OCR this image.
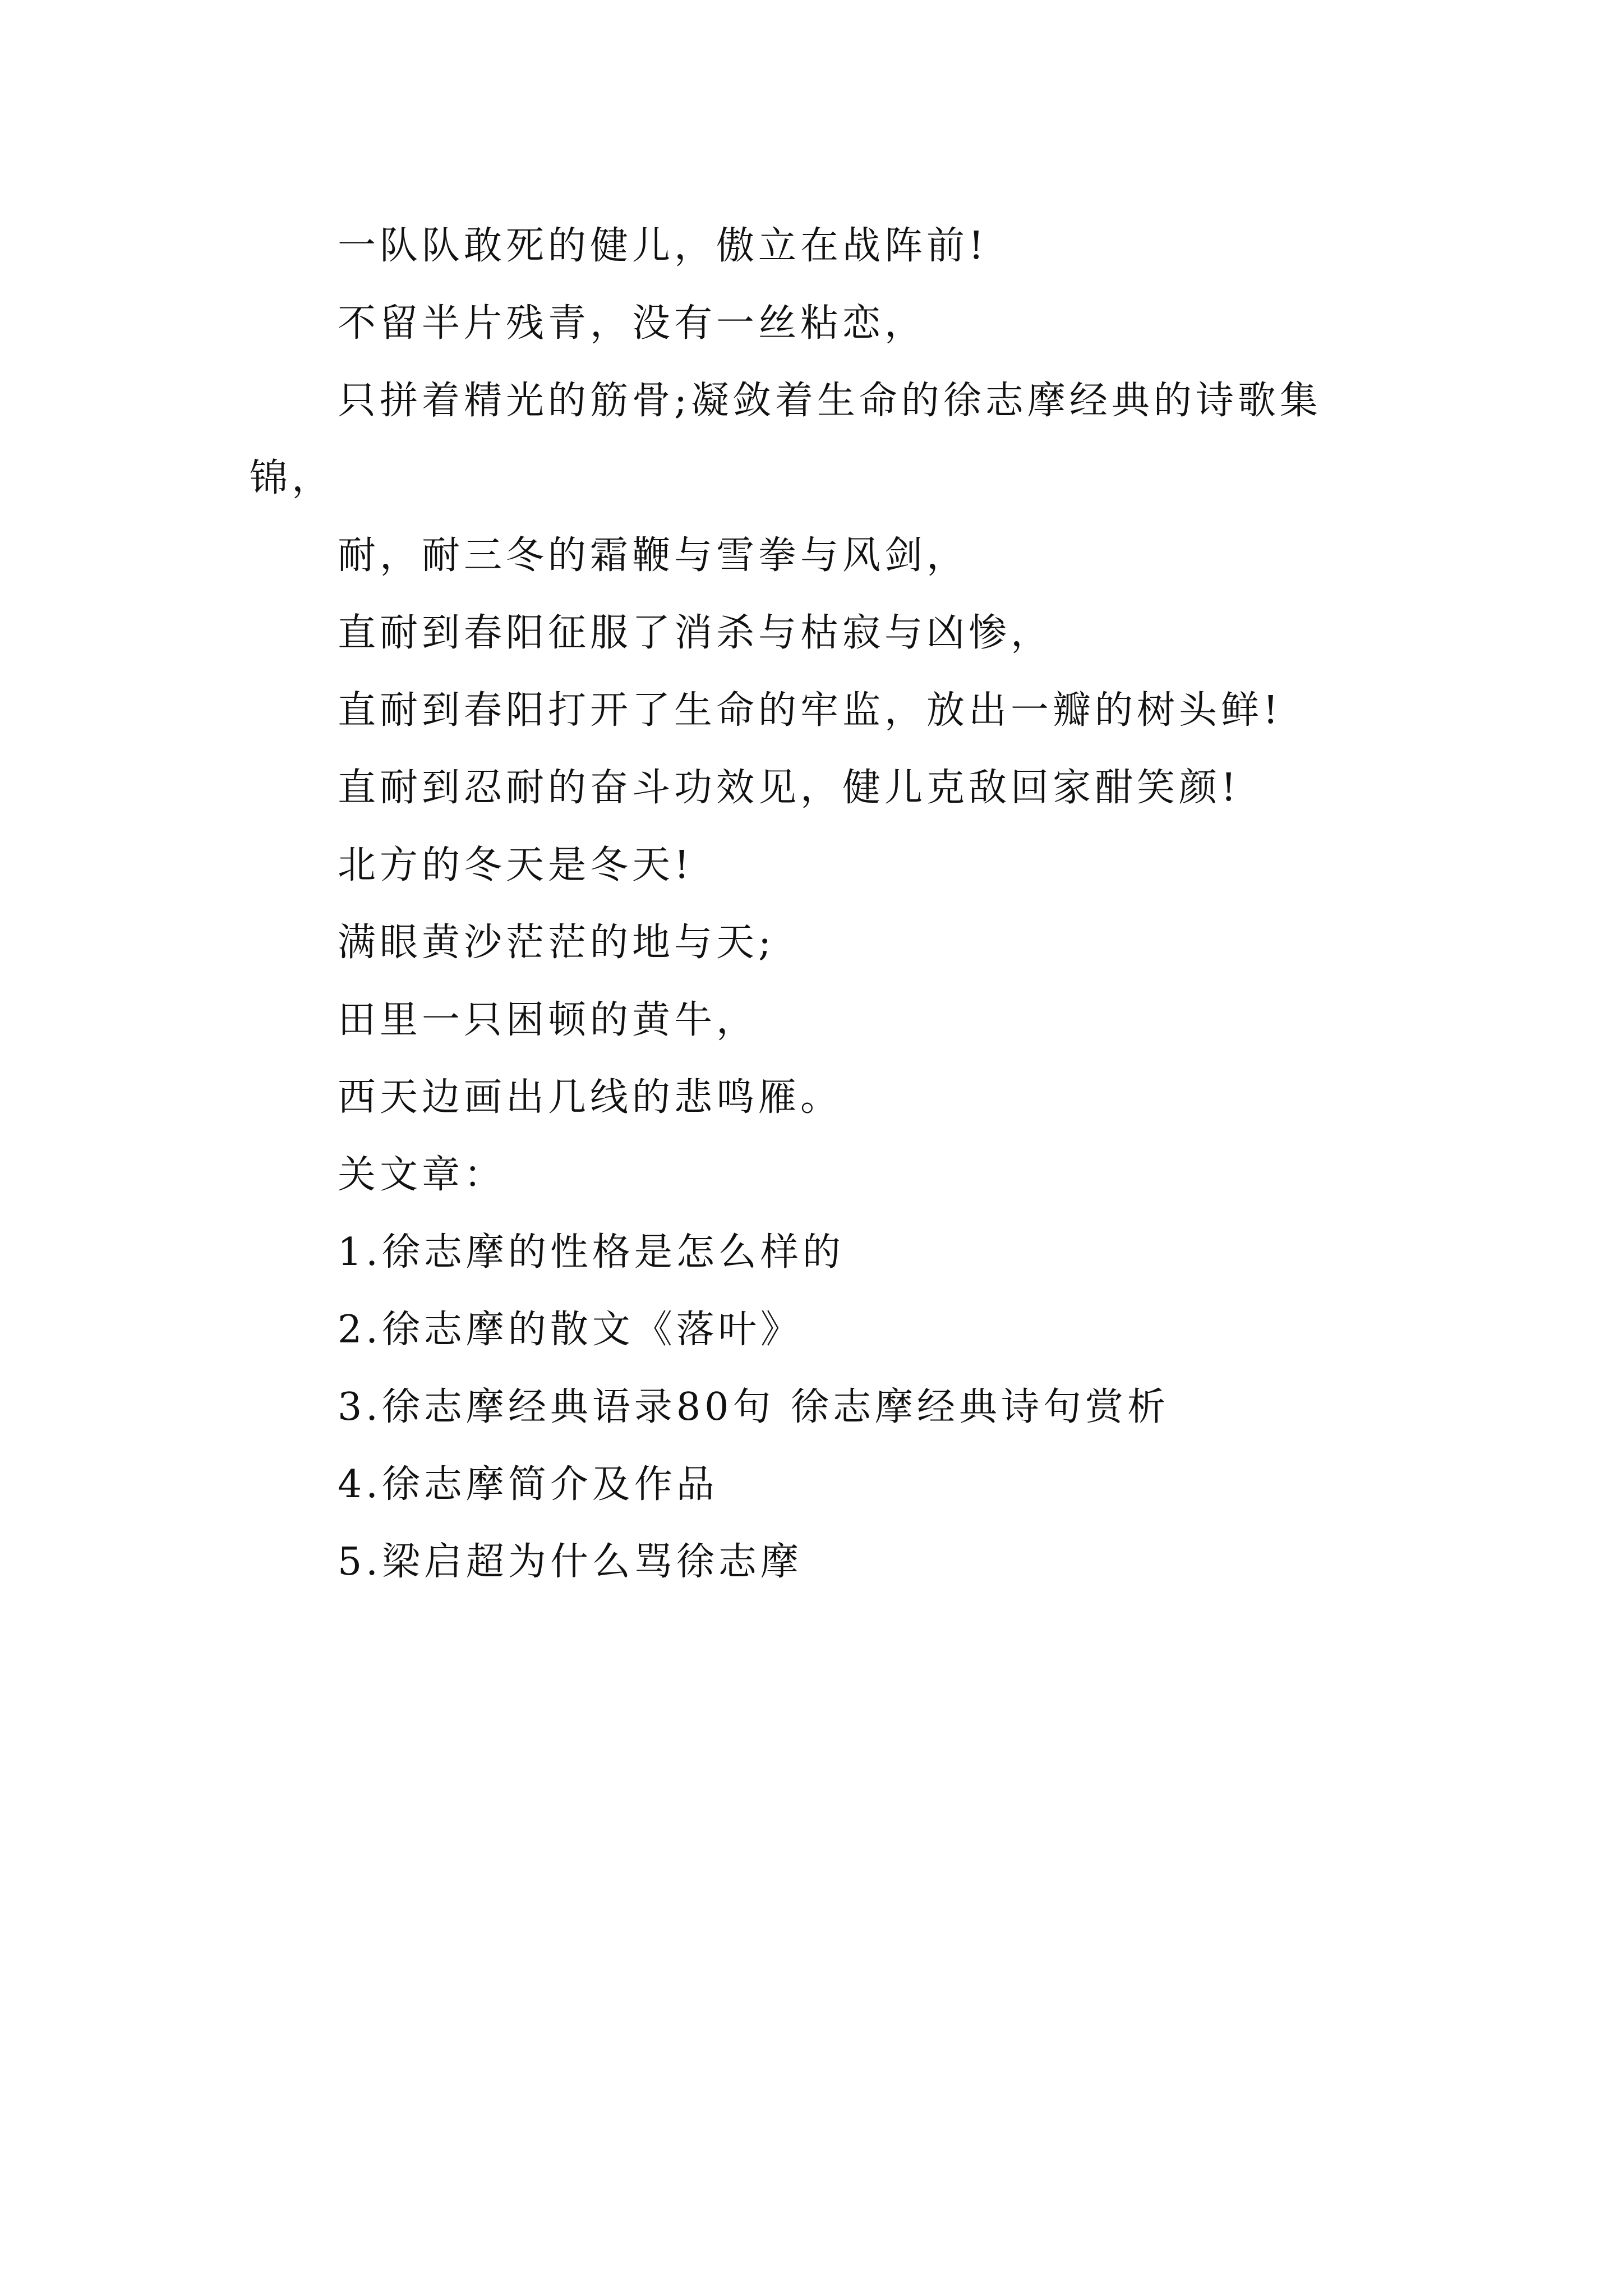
一队队敢死的健儿，傲立在战阵前!

不留半片残青，没有一丝粘恋，

只拼着精光的筋骨;凝敛着生命的徐志摩经典的诗歌集锦，

耐，耐三冬的霜鞭与雪拳与风剑，

直耐到春阳征服了消杀与枯寂与凶惨，

直耐到春阳打开了生命的牢监，放出一瓣的树头鲜!

直耐到忍耐的奋斗功效见，健儿克敌回家酣笑颜!

北方的冬天是冬天!

满眼黄沙茫茫的地与天;

田里一只困顿的黄牛，

西天边画出几线的悲鸣雁。

关文章：

1.徐志摩的性格是怎么样的

2.徐志摩的散文《落叶》

3.徐志摩经典语录80句 徐志摩经典诗句赏析

4.徐志摩简介及作品

5.梁启超为什么骂徐志摩
